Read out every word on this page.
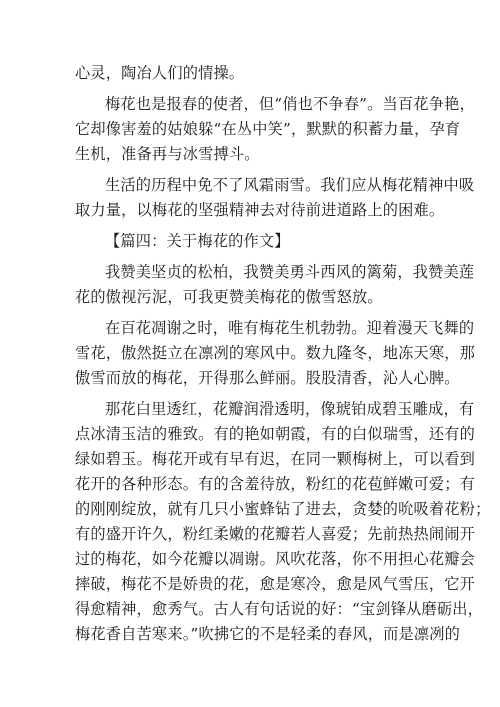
心灵，陶冶人们的情操。
梅花也是报春的使者，但“俏也不争春”。当百花争艳，
它却像害羞的姑娘躲“在丛中笑”，默默的积蓄力量，孕育
生机，准备再与冰雪搏斗。
生活的历程中免不了风霜雨雪。我们应从梅花精神中吸
取力量，以梅花的坚强精神去对待前进道路上的困难。
【篇四：关于梅花的作文】
我赞美坚贞的松柏，我赞美勇斗西风的篱菊，我赞美莲
花的傲视污泥，可我更赞美梅花的傲雪怒放。
在百花凋谢之时，唯有梅花生机勃勃。迎着漫天飞舞的
雪花，傲然挺立在凛冽的寒风中。数九隆冬，地冻天寒，那
傲雪而放的梅花，开得那么鲜丽。股股清香，沁人心脾。
那花白里透红，花瓣润滑透明，像琥铂成碧玉雕成，有
点冰清玉洁的雅致。有的艳如朝霞，有的白似瑞雪，还有的
绿如碧玉。梅花开或有早有迟，在同一颗梅树上，可以看到
花开的各种形态。有的含羞待放，粉红的花苞鲜嫩可爱；有
的刚刚绽放，就有几只小蜜蜂钻了进去，贪婪的吮吸着花粉；
有的盛开许久，粉红柔嫩的花瓣若人喜爱；先前热热闹闹开
过的梅花，如今花瓣以凋谢。风吹花落，你不用担心花瓣会
摔破，梅花不是娇贵的花，愈是寒冷，愈是风气雪压，它开
得愈精神，愈秀气。古人有句话说的好：“宝剑锋从磨砺出，
梅花香自苦寒来。”吹拂它的不是轻柔的春风，而是凛冽的
